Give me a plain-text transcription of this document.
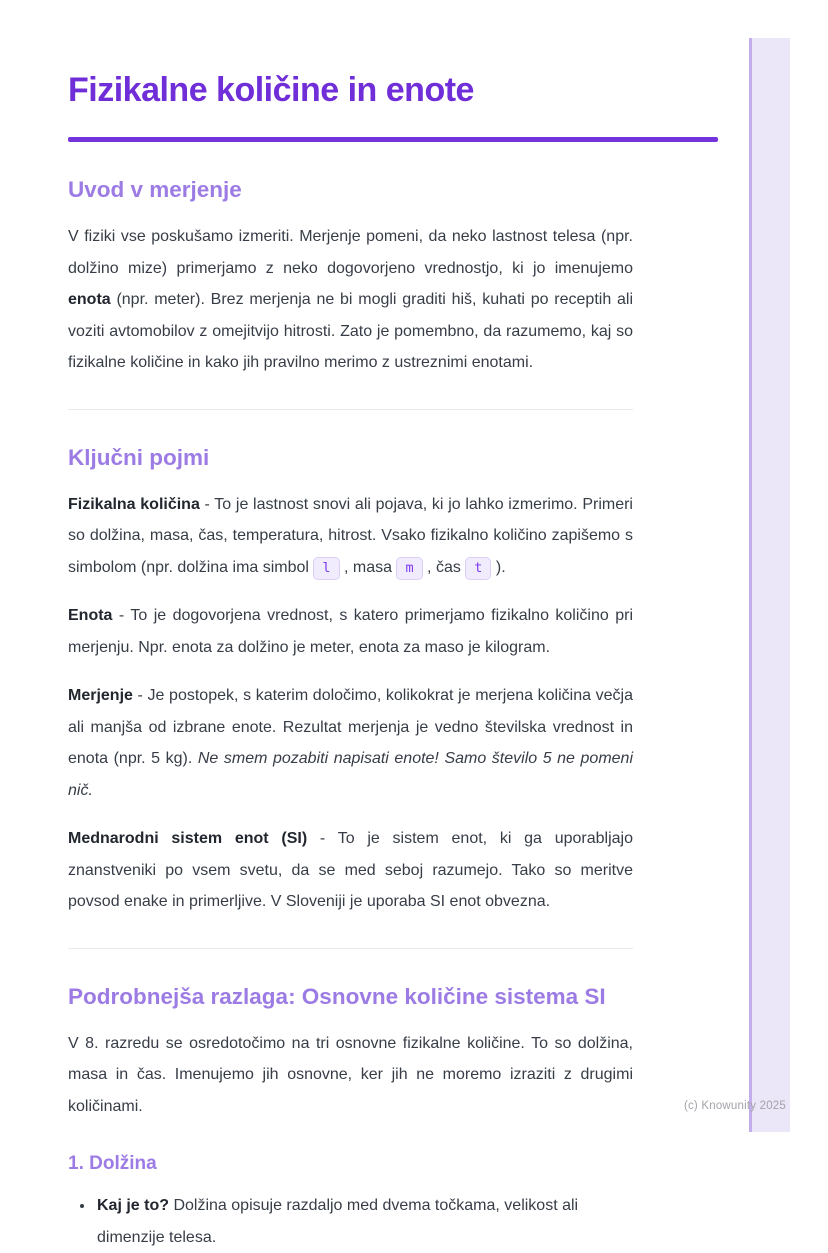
Fizikalne količine in enote
Uvod v merjenje

V fiziki vse poskušamo izmeriti. Merjenje pomeni, da neko lastnost telesa (npr. dolžino mize) primerjamo z neko dogovorjeno vrednostjo, ki jo imenujemo enota (npr. meter). Brez merjenja ne bi mogli graditi hiš, kuhati po receptih ali voziti avtomobilov z omejitvijo hitrosti. Zato je pomembno, da razumemo, kaj so fizikalne količine in kako jih pravilno merimo z ustreznimi enotami.

Ključni pojmi

Fizikalna količina - To je lastnost snovi ali pojava, ki jo lahko izmerimo. Primeri so dolžina, masa, čas, temperatura, hitrost. Vsako fizikalno količino zapišemo s simbolom (npr. dolžina ima simbol l , masa m , čas t ).

Enota - To je dogovorjena vrednost, s katero primerjamo fizikalno količino pri merjenju. Npr. enota za dolžino je meter, enota za maso je kilogram.

Merjenje - Je postopek, s katerim določimo, kolikokrat je merjena količina večja ali manjša od izbrane enote. Rezultat merjenja je vedno številska vrednost in enota (npr. 5 kg). Ne smem pozabiti napisati enote! Samo število 5 ne pomeni nič.

Mednarodni sistem enot (SI) - To je sistem enot, ki ga uporabljajo znanstveniki po vsem svetu, da se med seboj razumejo. Tako so meritve povsod enake in primerljive. V Sloveniji je uporaba SI enot obvezna.

Podrobnejša razlaga: Osnovne količine sistema SI

V 8. razredu se osredotočimo na tri osnovne fizikalne količine. To so dolžina, masa in čas. Imenujemo jih osnovne, ker jih ne moremo izraziti z drugimi količinami.

1. Dolžina
• Kaj je to? Dolžina opisuje razdaljo med dvema točkama, velikost ali dimenzije telesa.
(c) Knowunity 2025
